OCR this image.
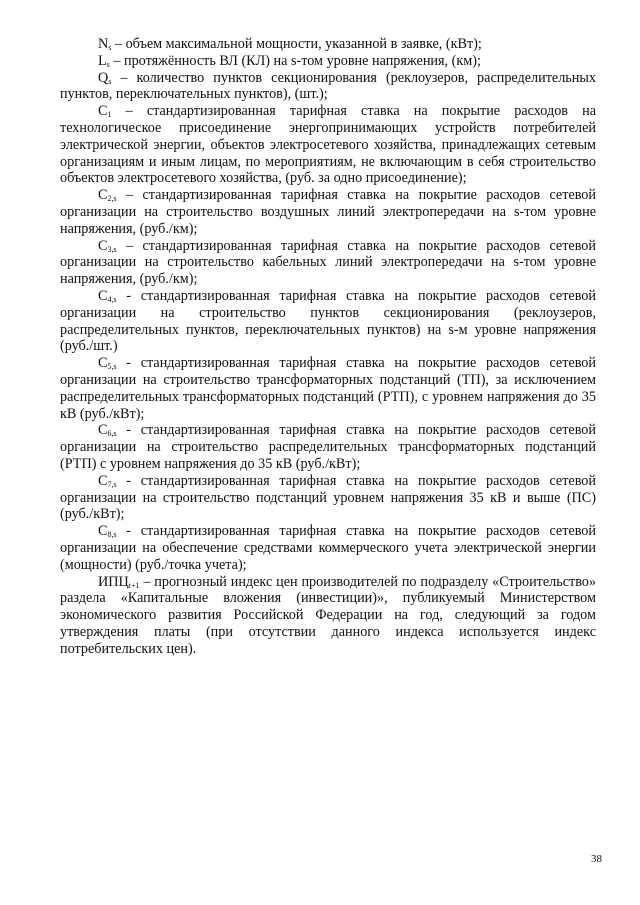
$N_s$ – объем максимальной мощности, указанной в заявке, (кВт);

$L_s$ – протяжённость ВЛ (КЛ) на s-том уровне напряжения, (км);

$Q_s$ – количество пунктов секционирования (реклоузеров, распределительных пунктов, переключательных пунктов), (шт.);

$C_1$ – стандартизированная тарифная ставка на покрытие расходов на технологическое присоединение энергопринимающих устройств потребителей электрической энергии, объектов электросетевого хозяйства, принадлежащих сетевым организациям и иным лицам, по мероприятиям, не включающим в себя строительство объектов электросетевого хозяйства, (руб. за одно присоединение);

$C_{2,s}$ – стандартизированная тарифная ставка на покрытие расходов сетевой организации на строительство воздушных линий электропередачи на s-том уровне напряжения, (руб./км);

$C_{3,s}$ – стандартизированная тарифная ставка на покрытие расходов сетевой организации на строительство кабельных линий электропередачи на s-том уровне напряжения, (руб./км);

$C_{4,s}$ - стандартизированная тарифная ставка на покрытие расходов сетевой организации на строительство пунктов секционирования (реклоузеров, распределительных пунктов, переключательных пунктов) на s-м уровне напряжения (руб./шт.)

$C_{5,s}$ - стандартизированная тарифная ставка на покрытие расходов сетевой организации на строительство трансформаторных подстанций (ТП), за исключением распределительных трансформаторных подстанций (РТП), с уровнем напряжения до 35 кВ (руб./кВт);

$C_{6,s}$ - стандартизированная тарифная ставка на покрытие расходов сетевой организации на строительство распределительных трансформаторных подстанций (РТП) с уровнем напряжения до 35 кВ (руб./кВт);

$C_{7,s}$ - стандартизированная тарифная ставка на покрытие расходов сетевой организации на строительство подстанций уровнем напряжения 35 кВ и выше (ПС) (руб./кВт);

$C_{8,s}$ - стандартизированная тарифная ставка на покрытие расходов сетевой организации на обеспечение средствами коммерческого учета электрической энергии (мощности) (руб./точка учета);

$ИПЦ_{t+1}$ – прогнозный индекс цен производителей по подразделу «Строительство» раздела «Капитальные вложения (инвестиции)», публикуемый Министерством экономического развития Российской Федерации на год, следующий за годом утверждения платы (при отсутствии данного индекса используется индекс потребительских цен).

38
